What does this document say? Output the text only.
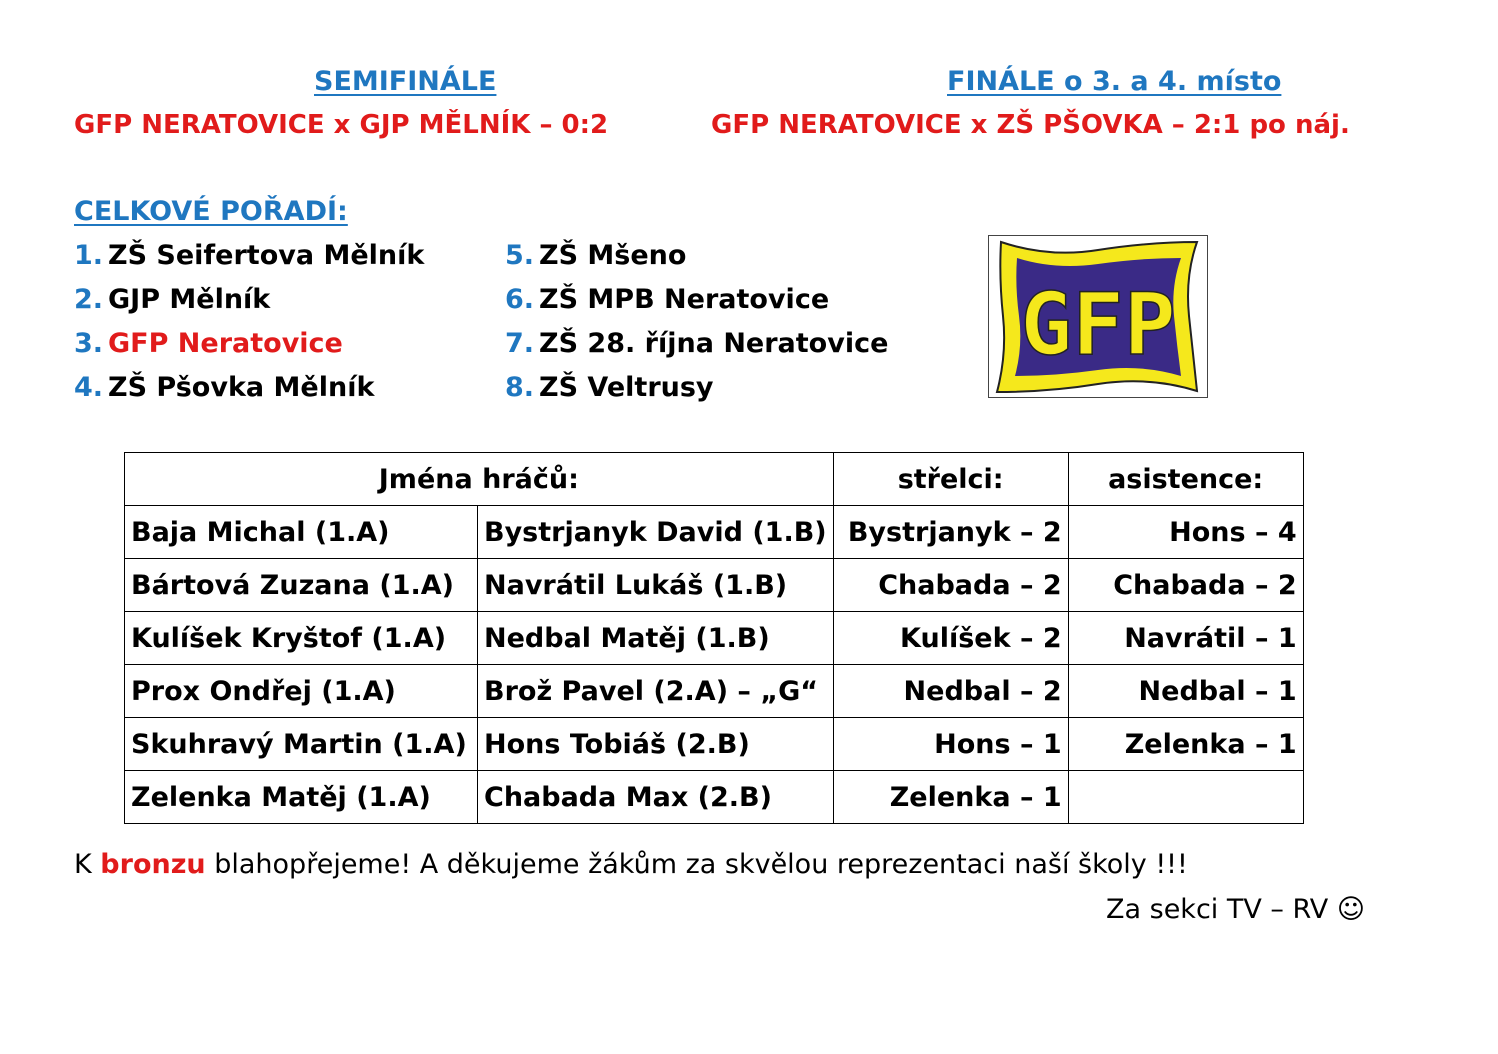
SEMIFINÁLE
GFP NERATOVICE x GJP MĚLNÍK – 0:2
FINÁLE o 3. a 4. místo
GFP NERATOVICE x ZŠ PŠOVKA – 2:1 po náj.
CELKOVÉ POŘADÍ:
1. ZŠ Seifertova Mělník
2. GJP Mělník
3. GFP Neratovice
4. ZŠ Pšovka Mělník
5. ZŠ Mšeno
6. ZŠ MPB Neratovice
7. ZŠ 28. října Neratovice
8. ZŠ Veltrusy
GFP
Jména hráčů:		střelci:	asistence:
Baja Michal (1.A)	Bystrjanyk David (1.B)	Bystrjanyk – 2	Hons – 4
Bártová Zuzana (1.A)	Navrátil Lukáš (1.B)	Chabada – 2	Chabada – 2
Kulíšek Kryštof (1.A)	Nedbal Matěj (1.B)	Kulíšek – 2	Navrátil – 1
Prox Ondřej (1.A)	Brož Pavel (2.A) – „G“	Nedbal – 2	Nedbal – 1
Skuhravý Martin (1.A)	Hons Tobiáš (2.B)	Hons – 1	Zelenka – 1
Zelenka Matěj (1.A)	Chabada Max (2.B)	Zelenka – 1	
K bronzu blahopřejeme! A děkujeme žákům za skvělou reprezentaci naší školy !!!
Za sekci TV – RV ☺
